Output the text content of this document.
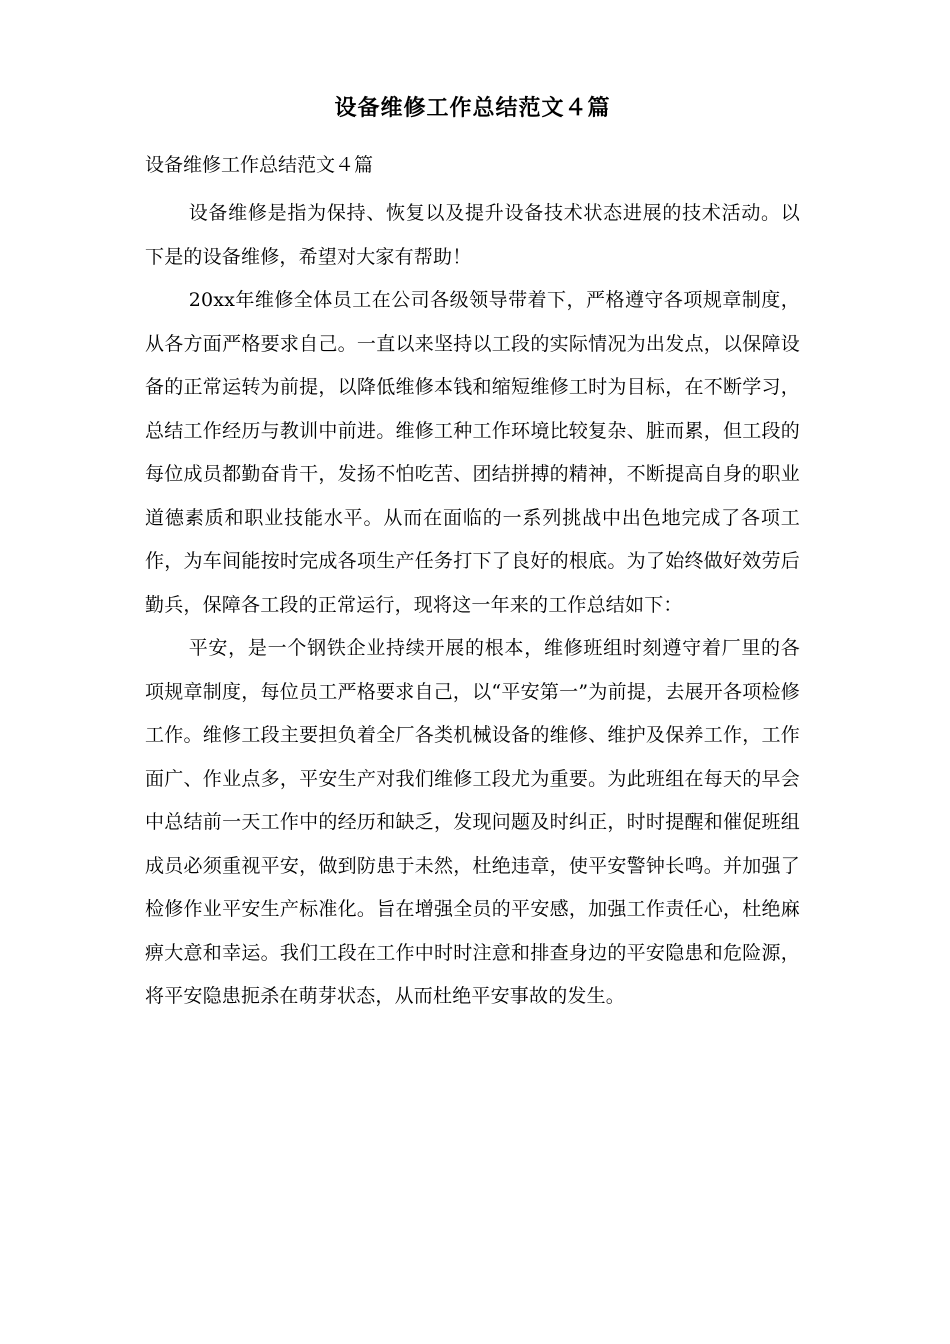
设备维修工作总结范文４篇
设备维修工作总结范文４篇

设备维修是指为保持、恢复以及提升设备技术状态进展的技术活动。以下是的设备维修，希望对大家有帮助！

20xx年维修全体员工在公司各级领导带着下，严格遵守各项规章制度，从各方面严格要求自己。一直以来坚持以工段的实际情况为出发点，以保障设备的正常运转为前提，以降低维修本钱和缩短维修工时为目标，在不断学习，总结工作经历与教训中前进。维修工种工作环境比较复杂、脏而累，但工段的每位成员都勤奋肯干，发扬不怕吃苦、团结拼搏的精神，不断提高自身的职业道德素质和职业技能水平。从而在面临的一系列挑战中出色地完成了各项工作，为车间能按时完成各项生产任务打下了良好的根底。为了始终做好效劳后勤兵，保障各工段的正常运行，现将这一年来的工作总结如下：

平安，是一个钢铁企业持续开展的根本，维修班组时刻遵守着厂里的各项规章制度，每位员工严格要求自己，以“平安第一”为前提，去展开各项检修工作。维修工段主要担负着全厂各类机械设备的维修、维护及保养工作，工作面广、作业点多，平安生产对我们维修工段尤为重要。为此班组在每天的早会中总结前一天工作中的经历和缺乏，发现问题及时纠正，时时提醒和催促班组成员必须重视平安，做到防患于未然，杜绝违章，使平安警钟长鸣。并加强了检修作业平安生产标准化。旨在增强全员的平安感，加强工作责任心，杜绝麻痹大意和幸运。我们工段在工作中时时注意和排查身边的平安隐患和危险源，将平安隐患扼杀在萌芽状态，从而杜绝平安事故的发生。
